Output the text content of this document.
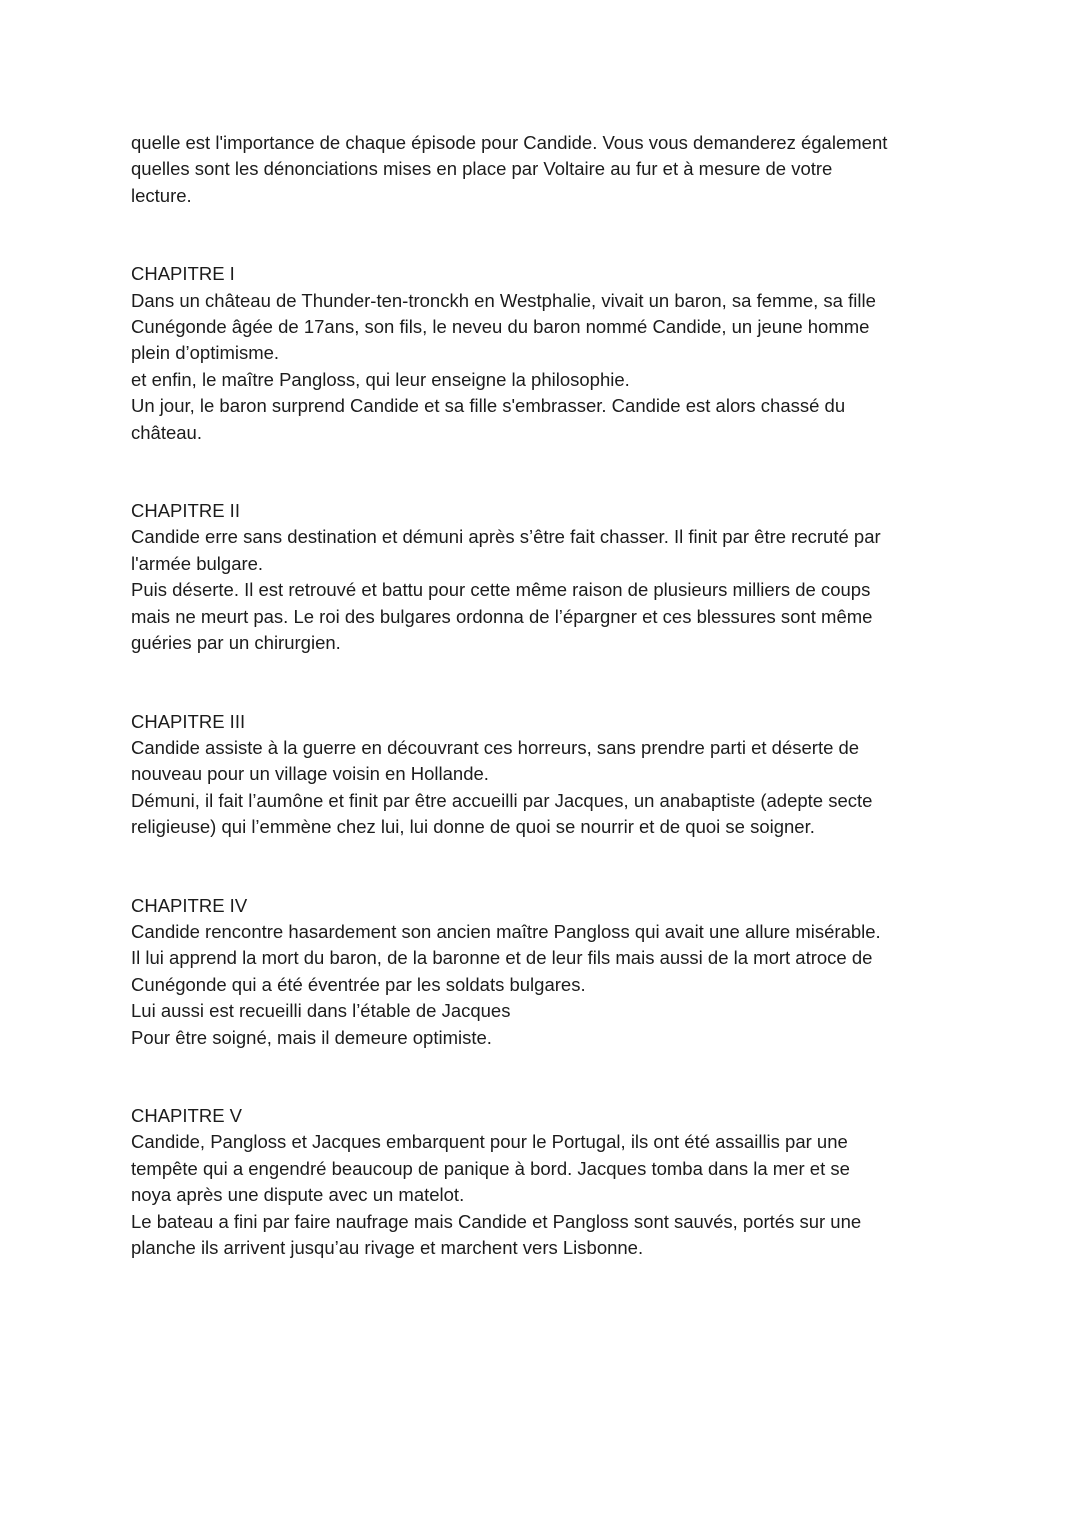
quelle est l'importance de chaque épisode pour Candide. Vous vous demanderez également

quelles sont les dénonciations mises en place par Voltaire au fur et à mesure de votre

lecture.

CHAPITRE I

Dans un château de Thunder-ten-tronckh en Westphalie, vivait un baron, sa femme, sa fille

Cunégonde âgée de 17ans, son fils, le neveu du baron nommé Candide, un jeune homme

plein d’optimisme.

et enfin, le maître Pangloss, qui leur enseigne la philosophie.

Un jour, le baron surprend Candide et sa fille s'embrasser. Candide est alors chassé du

château.

CHAPITRE II

Candide erre sans destination et démuni après s’être fait chasser. Il finit par être recruté par

l'armée bulgare.

Puis déserte. Il est retrouvé et battu pour cette même raison de plusieurs milliers de coups

mais ne meurt pas. Le roi des bulgares ordonna de l’épargner et ces blessures sont même

guéries par un chirurgien.

CHAPITRE III

Candide assiste à la guerre en découvrant ces horreurs, sans prendre parti et déserte de

nouveau pour un village voisin en Hollande.

Démuni, il fait l’aumône et finit par être accueilli par Jacques, un anabaptiste (adepte secte

religieuse) qui l’emmène chez lui, lui donne de quoi se nourrir et de quoi se soigner.

CHAPITRE IV

Candide rencontre hasardement son ancien maître Pangloss qui avait une allure misérable.

Il lui apprend la mort du baron, de la baronne et de leur fils mais aussi de la mort atroce de

Cunégonde qui a été éventrée par les soldats bulgares.

Lui aussi est recueilli dans l’étable de Jacques

Pour être soigné, mais il demeure optimiste.

CHAPITRE V

Candide, Pangloss et Jacques embarquent pour le Portugal, ils ont été assaillis par une

tempête qui a engendré beaucoup de panique à bord. Jacques tomba dans la mer et se

noya après une dispute avec un matelot.

Le bateau a fini par faire naufrage mais Candide et Pangloss sont sauvés, portés sur une

planche ils arrivent jusqu’au rivage et marchent vers Lisbonne.
